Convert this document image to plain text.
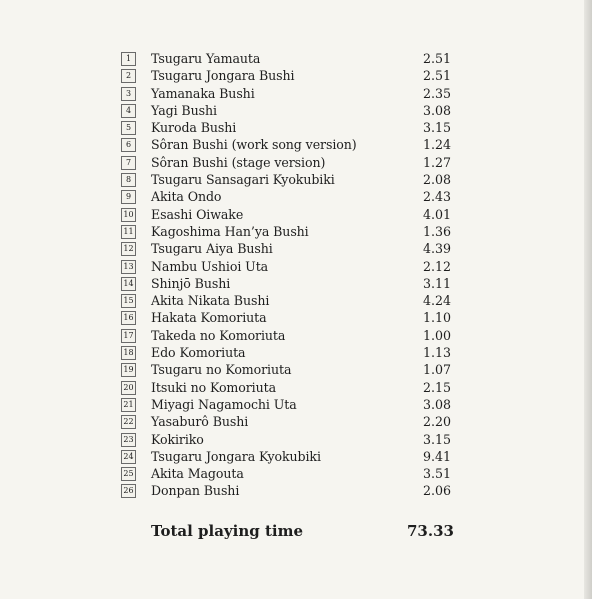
1	Tsugaru Yamauta	2.51
2	Tsugaru Jongara Bushi	2.51
3	Yamanaka Bushi	2.35
4	Yagi Bushi	3.08
5	Kuroda Bushi	3.15
6	Sôran Bushi (work song version)	1.24
7	Sôran Bushi (stage version)	1.27
8	Tsugaru Sansagari Kyokubiki	2.08
9	Akita Ondo	2.43
10 Esashi Oiwake	4.01
11 Kagoshima Han’ya Bushi	1.36
12 Tsugaru Aiya Bushi	4.39
13 Nambu Ushioi Uta	2.12
14 Shinjō Bushi	3.11
15 Akita Nikata Bushi	4.24
16 Hakata Komoriuta	1.10
17 Takeda no Komoriuta	1.00
18 Edo Komoriuta	1.13
19 Tsugaru no Komoriuta	1.07
20 Itsuki no Komoriuta	2.15
21 Miyagi Nagamochi Uta	3.08
22 Yasaburô Bushi	2.20
23 Kokiriko	3.15
24 Tsugaru Jongara Kyokubiki	9.41
25 Akita Magouta	3.51
26 Donpan Bushi	2.06
Total playing time	73.33
